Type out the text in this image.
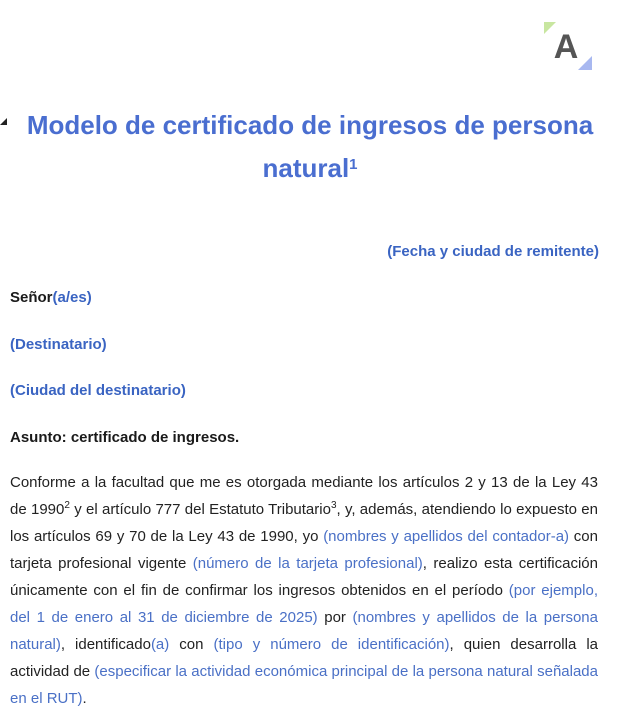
A
Modelo de certificado de ingresos de persona natural$^1$
(Fecha y ciudad de remitente)
Señor(a/es)
(Destinatario)
(Ciudad del destinatario)
Asunto: certificado de ingresos.
Conforme a la facultad que me es otorgada mediante los artículos 2 y 13 de la Ley 43 de 1990$^2$ y el artículo 777 del Estatuto Tributario$^3$, y, además, atendiendo lo expuesto en los artículos 69 y 70 de la Ley 43 de 1990, yo (nombres y apellidos del contador-a) con tarjeta profesional vigente (número de la tarjeta profesional), realizo esta certificación únicamente con el fin de confirmar los ingresos obtenidos en el período (por ejemplo, del 1 de enero al 31 de diciembre de 2025) por (nombres y apellidos de la persona natural), identificado(a) con (tipo y número de identificación), quien desarrolla la actividad de (especificar la actividad económica principal de la persona natural señalada en el RUT).
